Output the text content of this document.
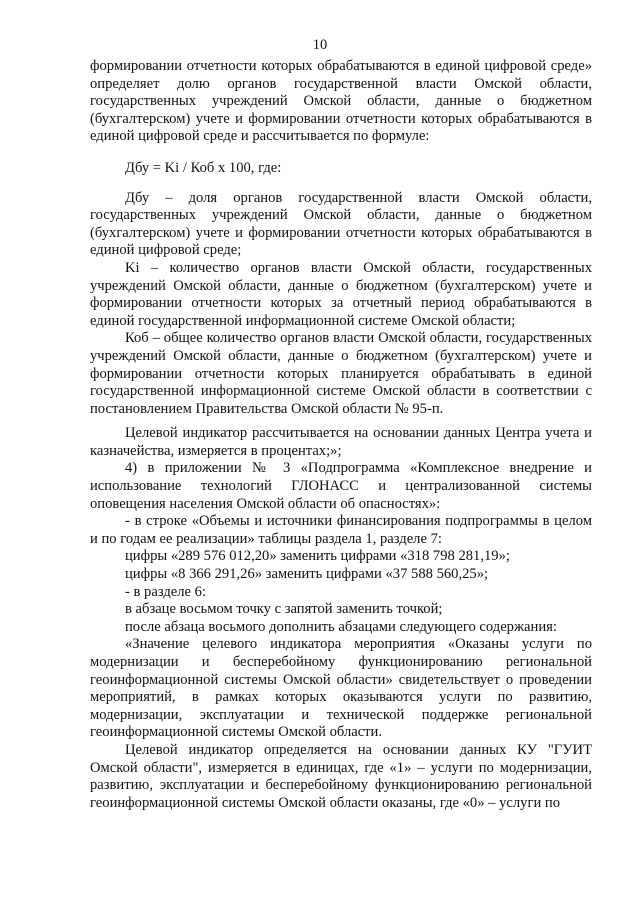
10

формировании отчетности которых обрабатываются в единой цифровой среде» определяет долю органов государственной власти Омской области, государственных учреждений Омской области, данные о бюджетном (бухгалтерском) учете и формировании отчетности которых обрабатываются в единой цифровой среде и рассчитывается по формуле:

Дбу = Ki / Коб x 100, где:

Дбу – доля органов государственной власти Омской области, государственных учреждений Омской области, данные о бюджетном (бухгалтерском) учете и формировании отчетности которых обрабатываются в единой цифровой среде;

Ki – количество органов власти Омской области, государственных учреждений Омской области, данные о бюджетном (бухгалтерском) учете и формировании отчетности которых за отчетный период обрабатываются в единой государственной информационной системе Омской области;

Коб – общее количество органов власти Омской области, государственных учреждений Омской области, данные о бюджетном (бухгалтерском) учете и формировании отчетности которых планируется обрабатывать в единой государственной информационной системе Омской области в соответствии с постановлением Правительства Омской области № 95-п.

Целевой индикатор рассчитывается на основании данных Центра учета и казначейства, измеряется в процентах;»;

4) в приложении № 3 «Подпрограмма «Комплексное внедрение и использование технологий ГЛОНАСС и централизованной системы оповещения населения Омской области об опасностях»:

- в строке «Объемы и источники финансирования подпрограммы в целом и по годам ее реализации» таблицы раздела 1, разделе 7:

цифры «289 576 012,20» заменить цифрами «318 798 281,19»;

цифры «8 366 291,26» заменить цифрами «37 588 560,25»;

- в разделе 6:

в абзаце восьмом точку с запятой заменить точкой;

после абзаца восьмого дополнить абзацами следующего содержания:

«Значение целевого индикатора мероприятия «Оказаны услуги по модернизации и бесперебойному функционированию региональной геоинформационной системы Омской области» свидетельствует о проведении мероприятий, в рамках которых оказываются услуги по развитию, модернизации, эксплуатации и технической поддержке региональной геоинформационной системы Омской области.

Целевой индикатор определяется на основании данных КУ "ГУИТ Омской области", измеряется в единицах, где «1» – услуги по модернизации, развитию, эксплуатации и бесперебойному функционированию региональной геоинформационной системы Омской области оказаны, где «0» – услуги по
